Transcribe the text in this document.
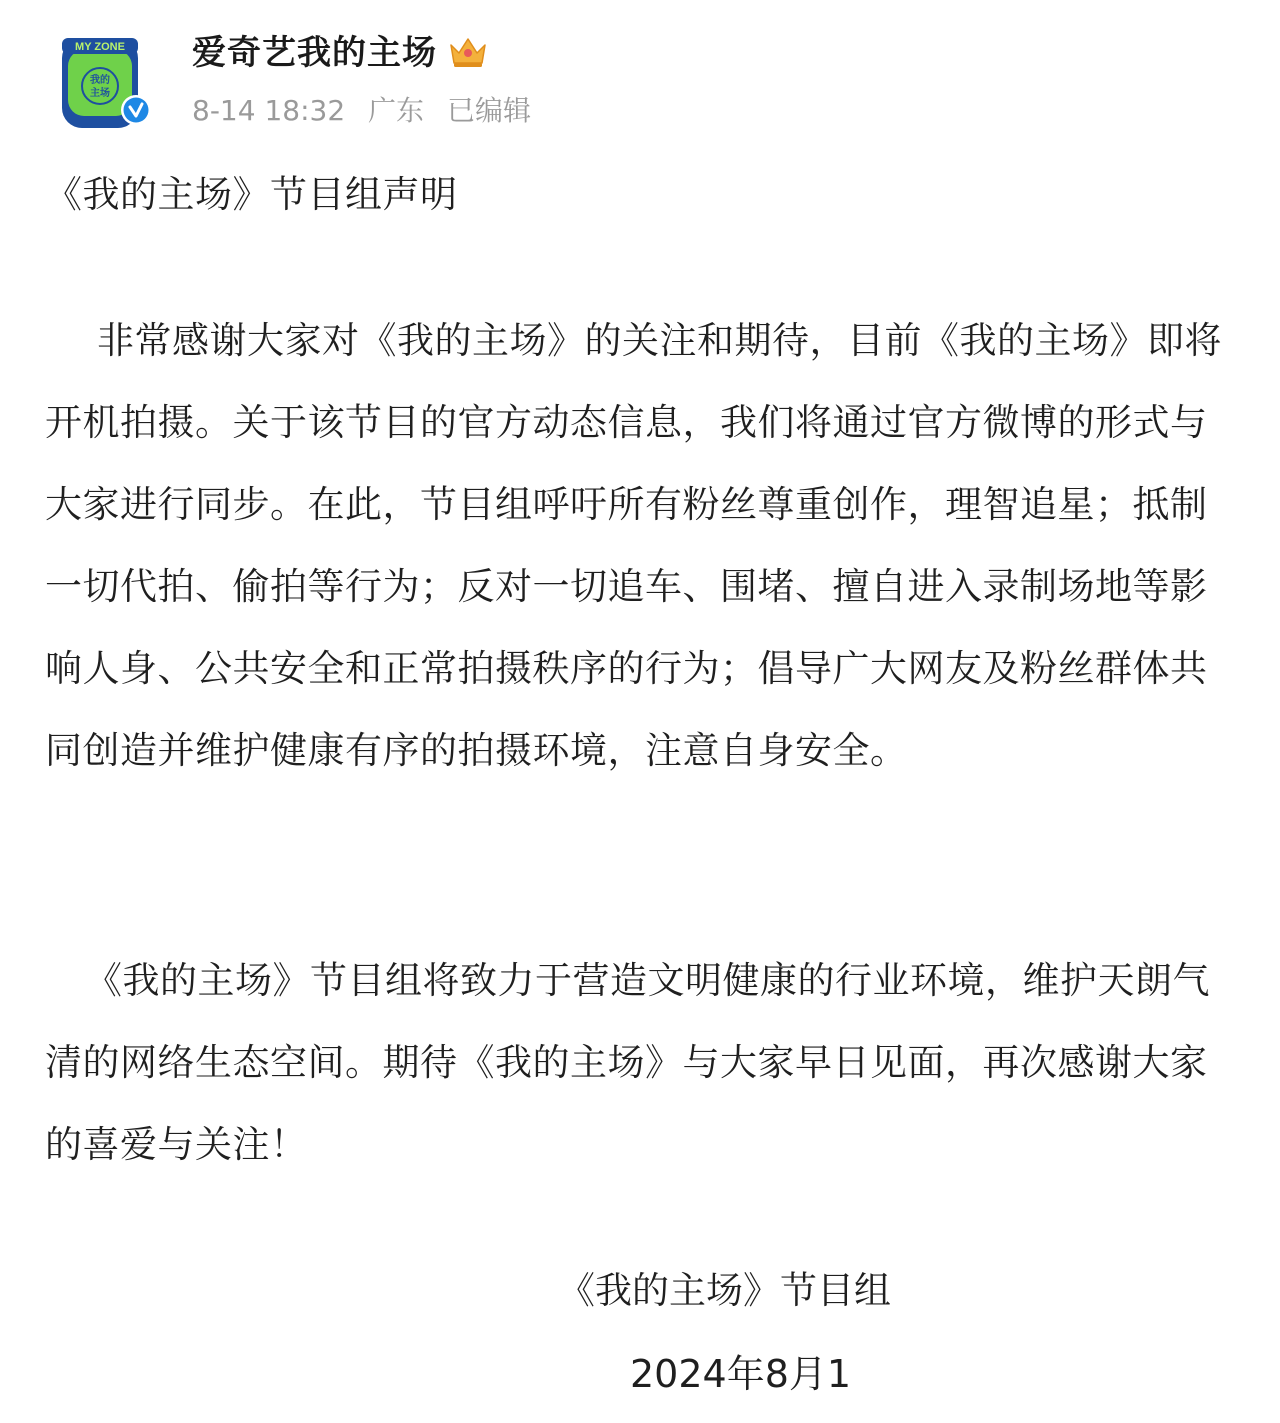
MY ZONE
我的
主场
爱奇艺我的主场
8-14 18:32 广东 已编辑
《我的主场》节目组声明
非常感谢大家对《我的主场》的关注和期待，目前《我的主场》即将开机拍摄。关于该节目的官方动态信息，我们将通过官方微博的形式与大家进行同步。在此，节目组呼吁所有粉丝尊重创作，理智追星；抵制一切代拍、偷拍等行为；反对一切追车、围堵、擅自进入录制场地等影响人身、公共安全和正常拍摄秩序的行为；倡导广大网友及粉丝群体共同创造并维护健康有序的拍摄环境，注意自身安全。
《我的主场》节目组将致力于营造文明健康的行业环境，维护天朗气清的网络生态空间。期待《我的主场》与大家早日见面，再次感谢大家的喜爱与关注！
《我的主场》节目组
2024年8月1
